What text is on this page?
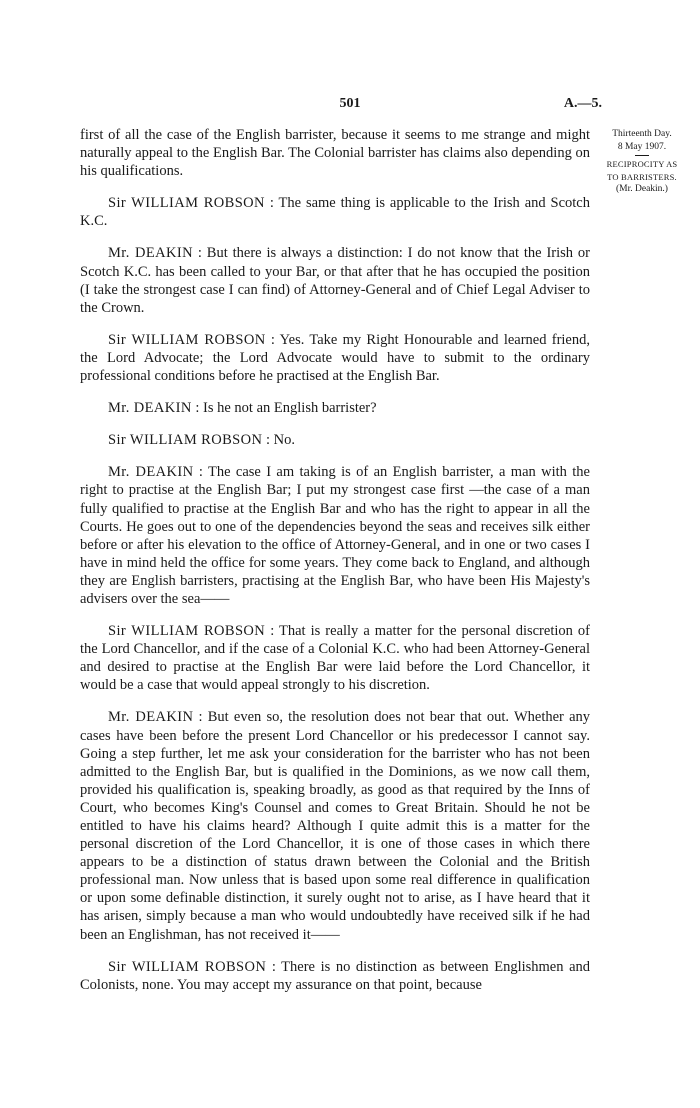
501	A.—5.
Thirteenth Day.
8 May 1907.
RECIPROCITY AS
TO BARRISTERS.
(Mr. Deakin.)

first of all the case of the English barrister, because it seems to me strange and might naturally appeal to the English Bar. The Colonial barrister has claims also depending on his qualifications.

Sir WILLIAM ROBSON : The same thing is applicable to the Irish and Scotch K.C.

Mr. DEAKIN : But there is always a distinction: I do not know that the Irish or Scotch K.C. has been called to your Bar, or that after that he has occupied the position (I take the strongest case I can find) of Attorney-General and of Chief Legal Adviser to the Crown.

Sir WILLIAM ROBSON : Yes. Take my Right Honourable and learned friend, the Lord Advocate; the Lord Advocate would have to submit to the ordinary professional conditions before he practised at the English Bar.

Mr. DEAKIN : Is he not an English barrister?

Sir WILLIAM ROBSON : No.

Mr. DEAKIN : The case I am taking is of an English barrister, a man with the right to practise at the English Bar; I put my strongest case first —the case of a man fully qualified to practise at the English Bar and who has the right to appear in all the Courts. He goes out to one of the dependencies beyond the seas and receives silk either before or after his elevation to the office of Attorney-General, and in one or two cases I have in mind held the office for some years. They come back to England, and although they are English barristers, practising at the English Bar, who have been His Majesty's advisers over the sea——

Sir WILLIAM ROBSON : That is really a matter for the personal discretion of the Lord Chancellor, and if the case of a Colonial K.C. who had been Attorney-General and desired to practise at the English Bar were laid before the Lord Chancellor, it would be a case that would appeal strongly to his discretion.

Mr. DEAKIN : But even so, the resolution does not bear that out. Whether any cases have been before the present Lord Chancellor or his predecessor I cannot say. Going a step further, let me ask your consideration for the barrister who has not been admitted to the English Bar, but is qualified in the Dominions, as we now call them, provided his qualification is, speaking broadly, as good as that required by the Inns of Court, who becomes King's Counsel and comes to Great Britain. Should he not be entitled to have his claims heard? Although I quite admit this is a matter for the personal discretion of the Lord Chancellor, it is one of those cases in which there appears to be a distinction of status drawn between the Colonial and the British professional man. Now unless that is based upon some real difference in qualification or upon some definable distinction, it surely ought not to arise, as I have heard that it has arisen, simply because a man who would undoubtedly have received silk if he had been an Englishman, has not received it——

Sir WILLIAM ROBSON : There is no distinction as between Englishmen and Colonists, none. You may accept my assurance on that point, because
